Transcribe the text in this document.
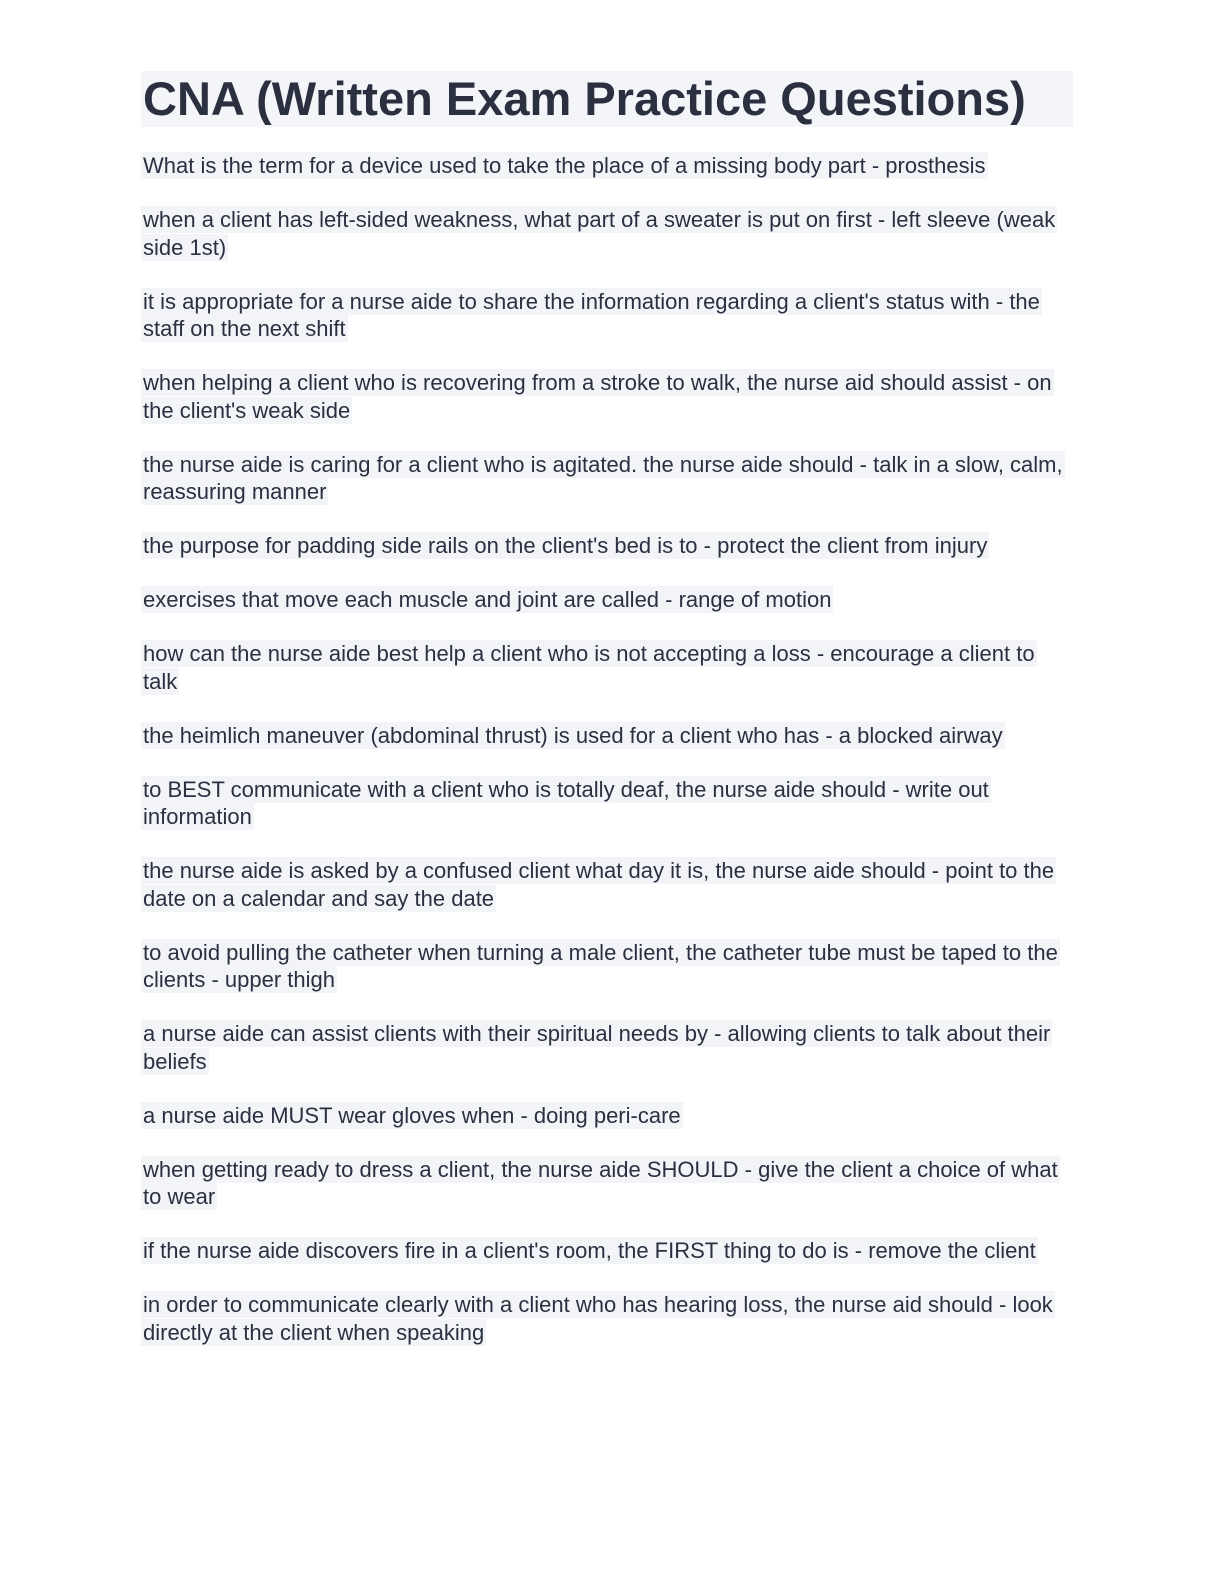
CNA (Written Exam Practice Questions)
What is the term for a device used to take the place of a missing body part - prosthesis
when a client has left-sided weakness, what part of a sweater is put on first - left sleeve (weak side 1st)
it is appropriate for a nurse aide to share the information regarding a client's status with - the staff on the next shift
when helping a client who is recovering from a stroke to walk, the nurse aid should assist - on the client's weak side
the nurse aide is caring for a client who is agitated. the nurse aide should - talk in a slow, calm, reassuring manner
the purpose for padding side rails on the client's bed is to - protect the client from injury
exercises that move each muscle and joint are called - range of motion
how can the nurse aide best help a client who is not accepting a loss - encourage a client to talk
the heimlich maneuver (abdominal thrust) is used for a client who has - a blocked airway
to BEST communicate with a client who is totally deaf, the nurse aide should - write out information
the nurse aide is asked by a confused client what day it is, the nurse aide should - point to the date on a calendar and say the date
to avoid pulling the catheter when turning a male client, the catheter tube must be taped to the clients - upper thigh
a nurse aide can assist clients with their spiritual needs by - allowing clients to talk about their beliefs
a nurse aide MUST wear gloves when - doing peri-care
when getting ready to dress a client, the nurse aide SHOULD - give the client a choice of what to wear
if the nurse aide discovers fire in a client's room, the FIRST thing to do is - remove the client
in order to communicate clearly with a client who has hearing loss, the nurse aid should - look directly at the client when speaking
